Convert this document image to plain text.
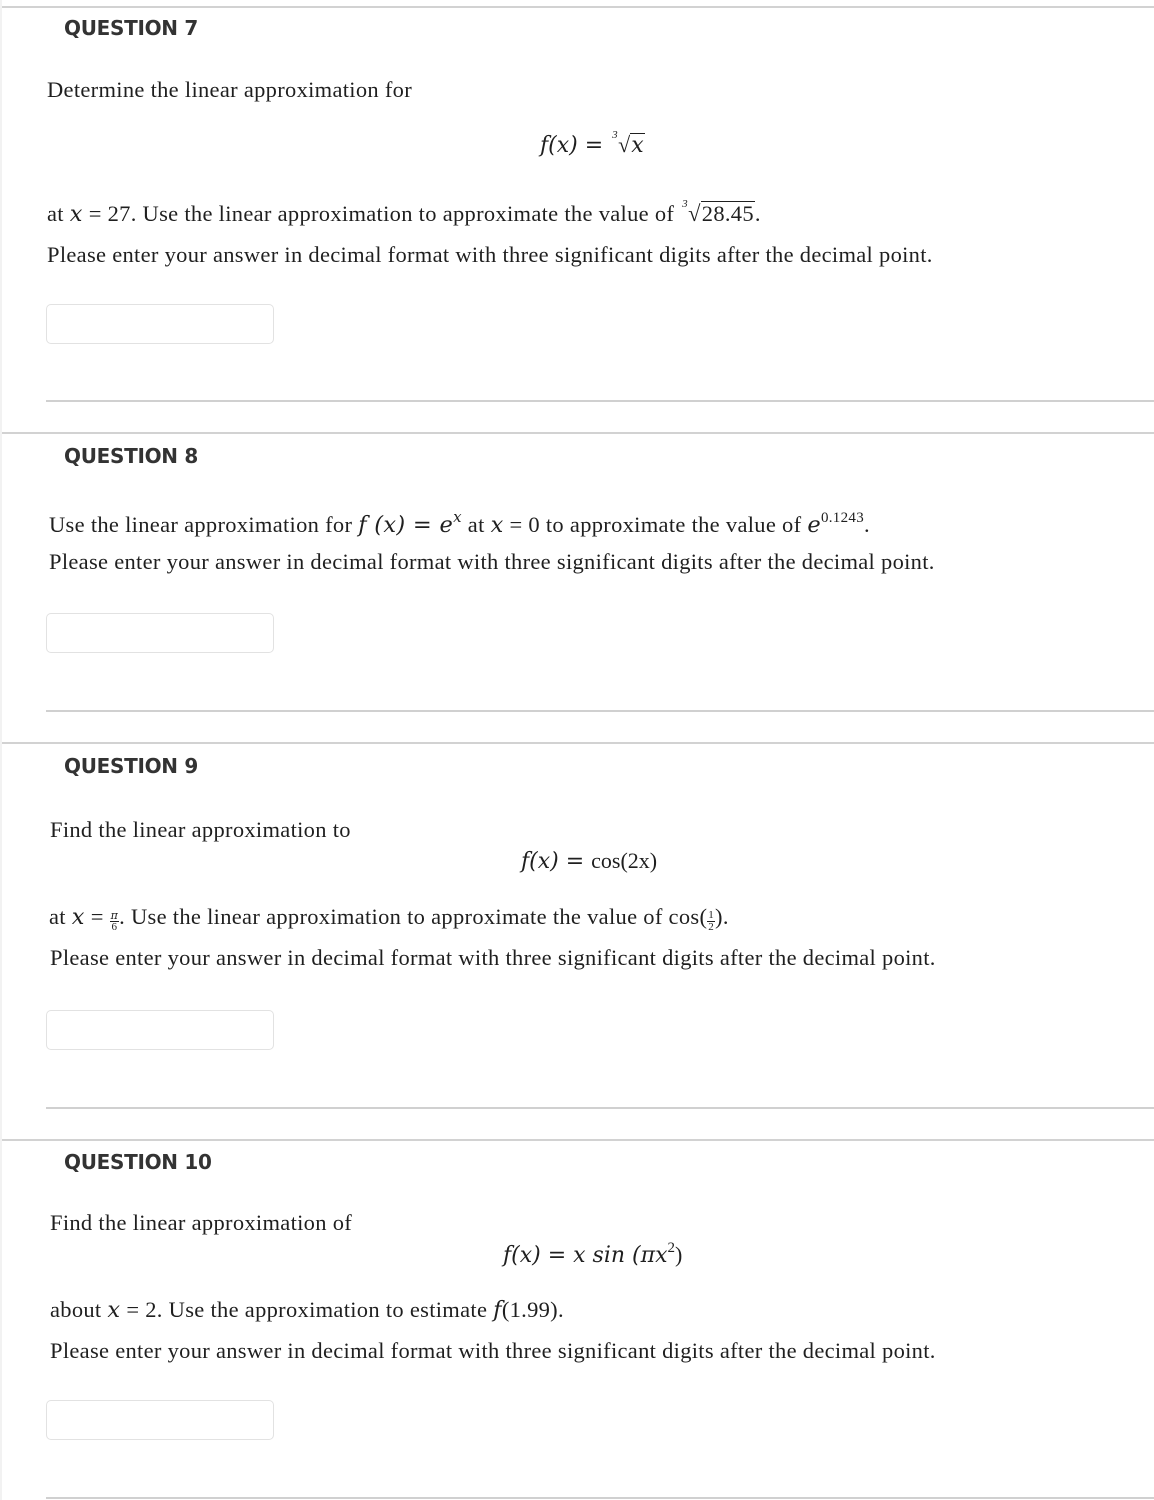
QUESTION 7
Determine the linear approximation for
f(x) = 3 √x
at x = 27. Use the linear approximation to approximate the value of 3 √28.45.
Please enter your answer in decimal format with three significant digits after the decimal point.
QUESTION 8
Use the linear approximation for f $(x) = e^x$ at x = 0 to approximate the value of $e^{0.1243}$.
Please enter your answer in decimal format with three significant digits after the decimal point.
QUESTION 9
Find the linear approximation to
f(x) = cos(2x)
at $x = \frac{\pi}{6}$ . Use the linear approximation to approximate the value of $\cos( \frac{1}{2}$ ).
Please enter your answer in decimal format with three significant digits after the decimal point.
QUESTION 10
Find the linear approximation of
f(x) = x $\sin (\pi x^2)$
about x = 2. Use the approximation to estimate f(1.99).
Please enter your answer in decimal format with three significant digits after the decimal point.
